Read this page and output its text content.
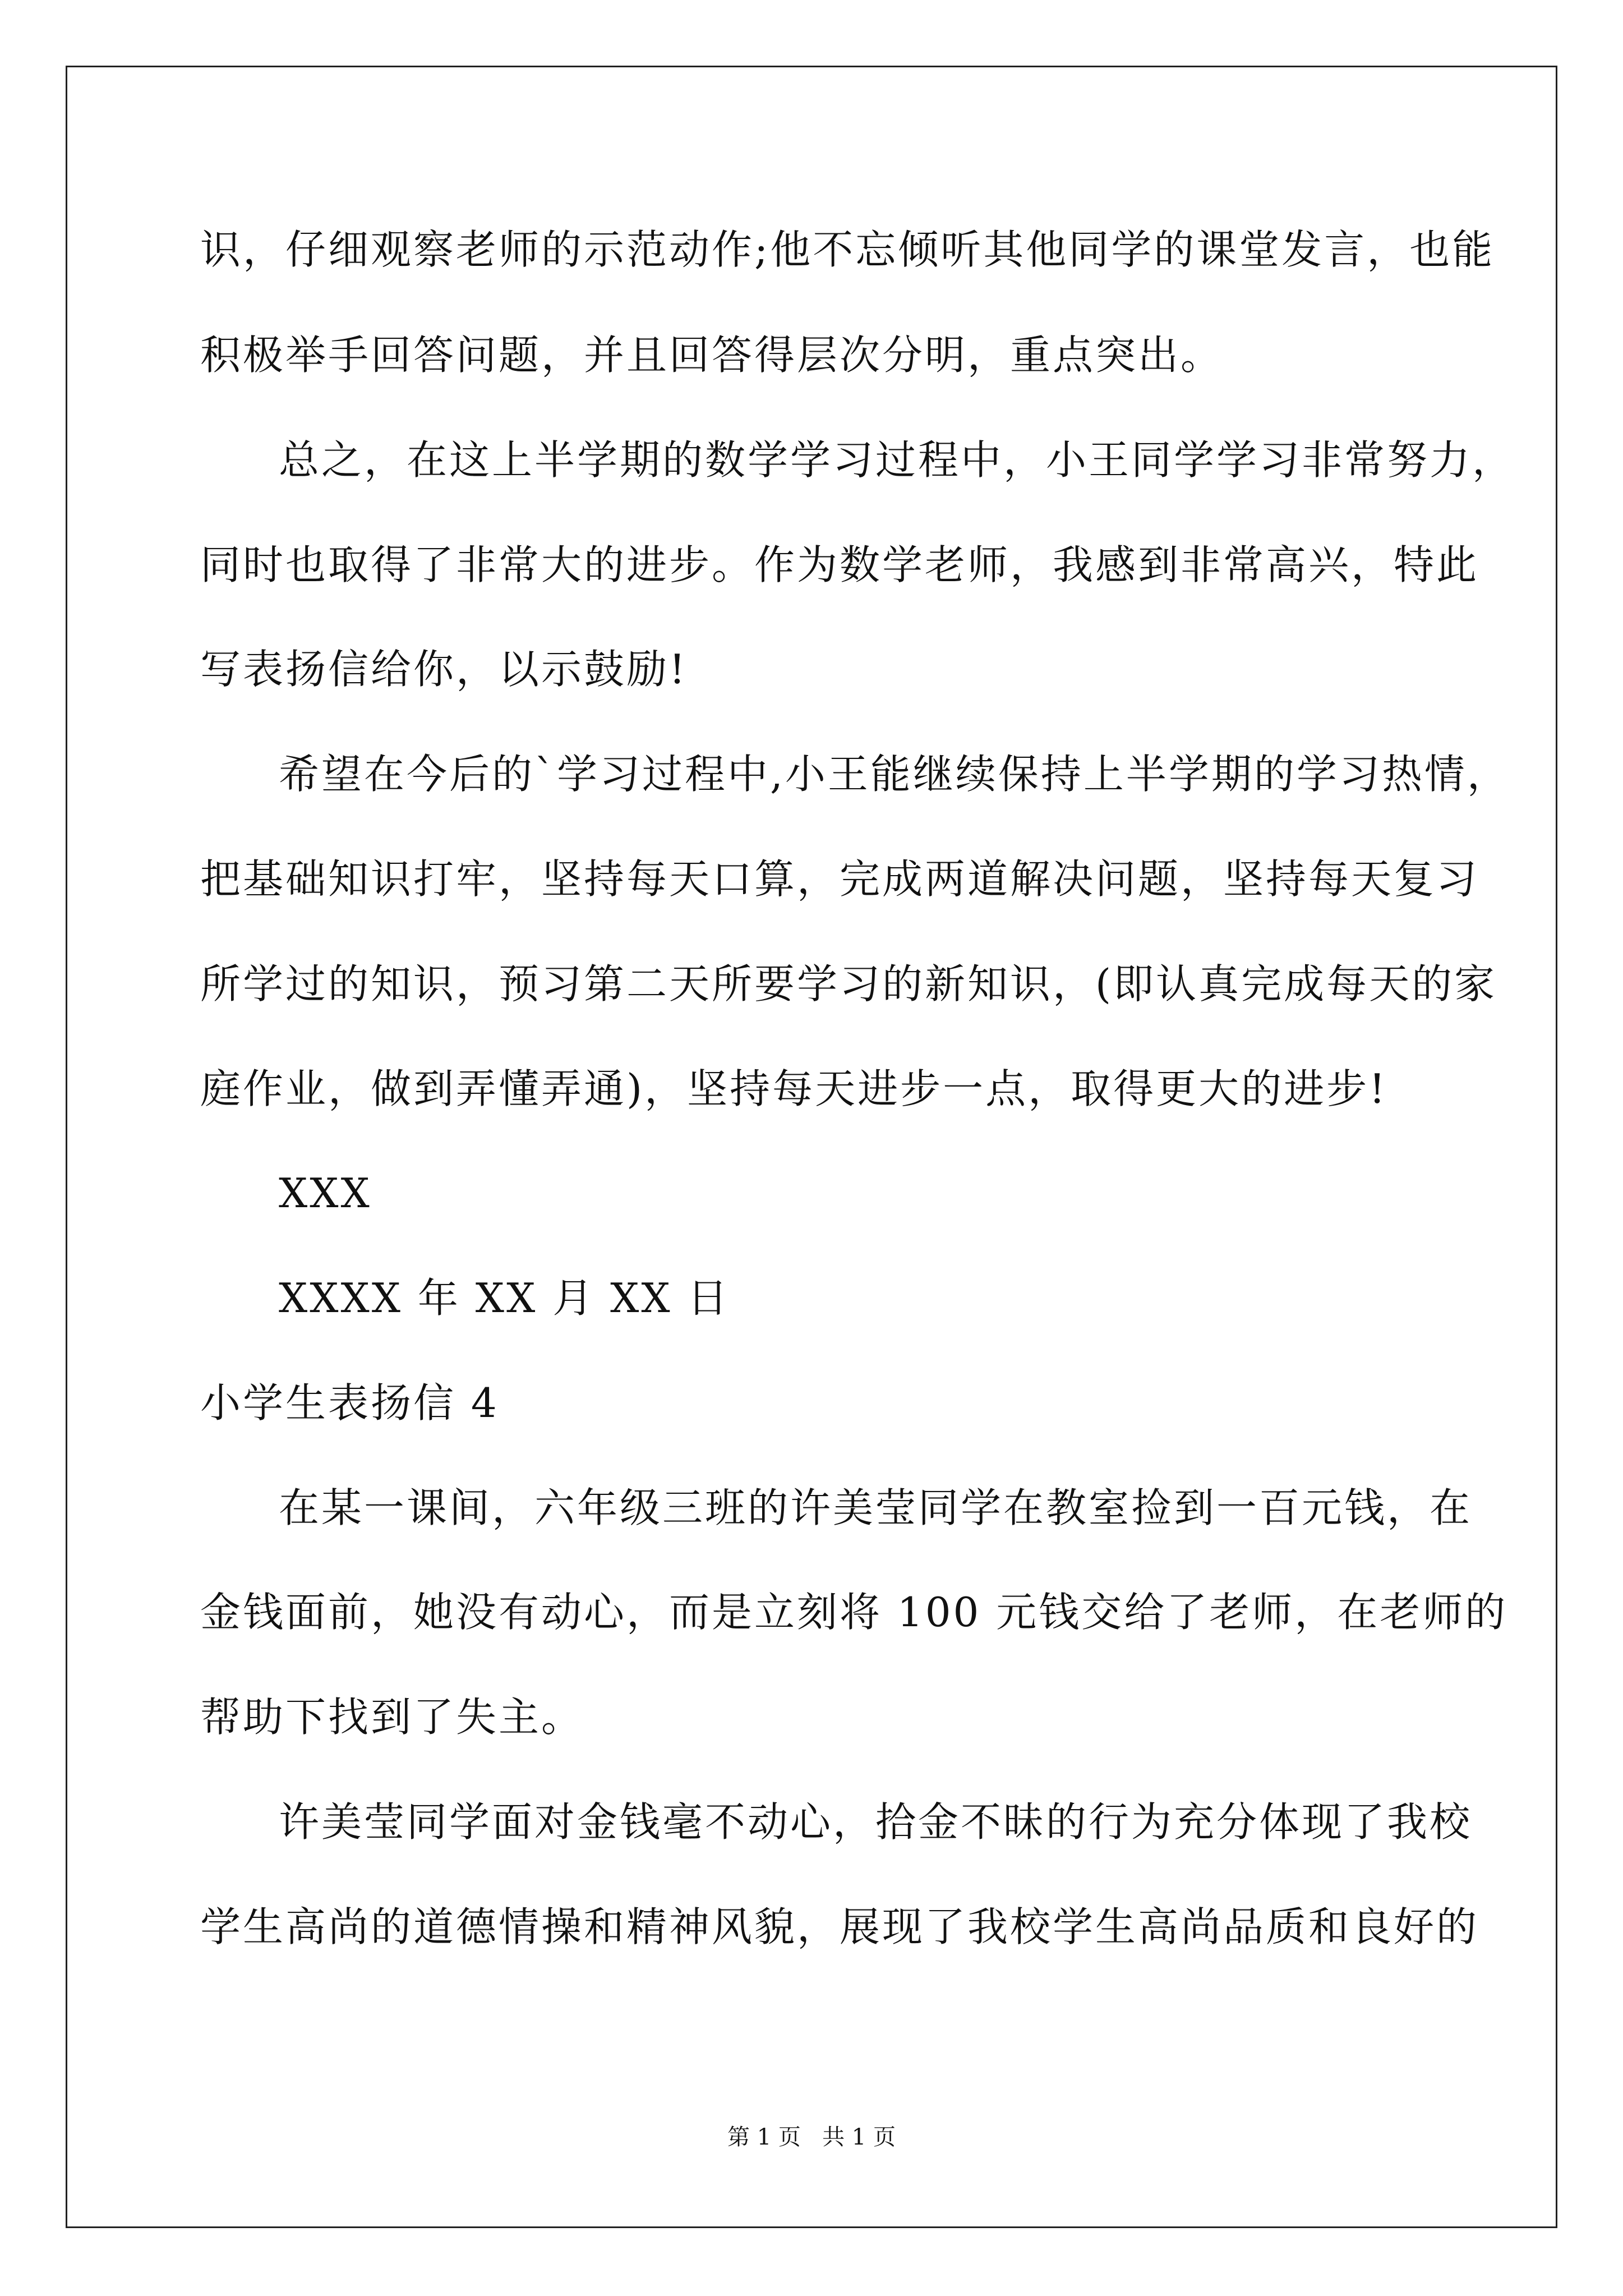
识，仔细观察老师的示范动作;他不忘倾听其他同学的课堂发言，也能
积极举手回答问题，并且回答得层次分明，重点突出。
总之，在这上半学期的数学学习过程中，小王同学学习非常努力，
同时也取得了非常大的进步。作为数学老师，我感到非常高兴，特此
写表扬信给你，以示鼓励!
希望在今后的`学习过程中,小王能继续保持上半学期的学习热情，
把基础知识打牢，坚持每天口算，完成两道解决问题，坚持每天复习
所学过的知识，预习第二天所要学习的新知识，(即认真完成每天的家
庭作业，做到弄懂弄通)，坚持每天进步一点，取得更大的进步!
XXX
XXXX 年 XX 月 XX 日
小学生表扬信 4
在某一课间，六年级三班的许美莹同学在教室捡到一百元钱，在
金钱面前，她没有动心，而是立刻将 100 元钱交给了老师，在老师的
帮助下找到了失主。
许美莹同学面对金钱毫不动心，拾金不昧的行为充分体现了我校
学生高尚的道德情操和精神风貌，展现了我校学生高尚品质和良好的
第 1 页   共 1 页
